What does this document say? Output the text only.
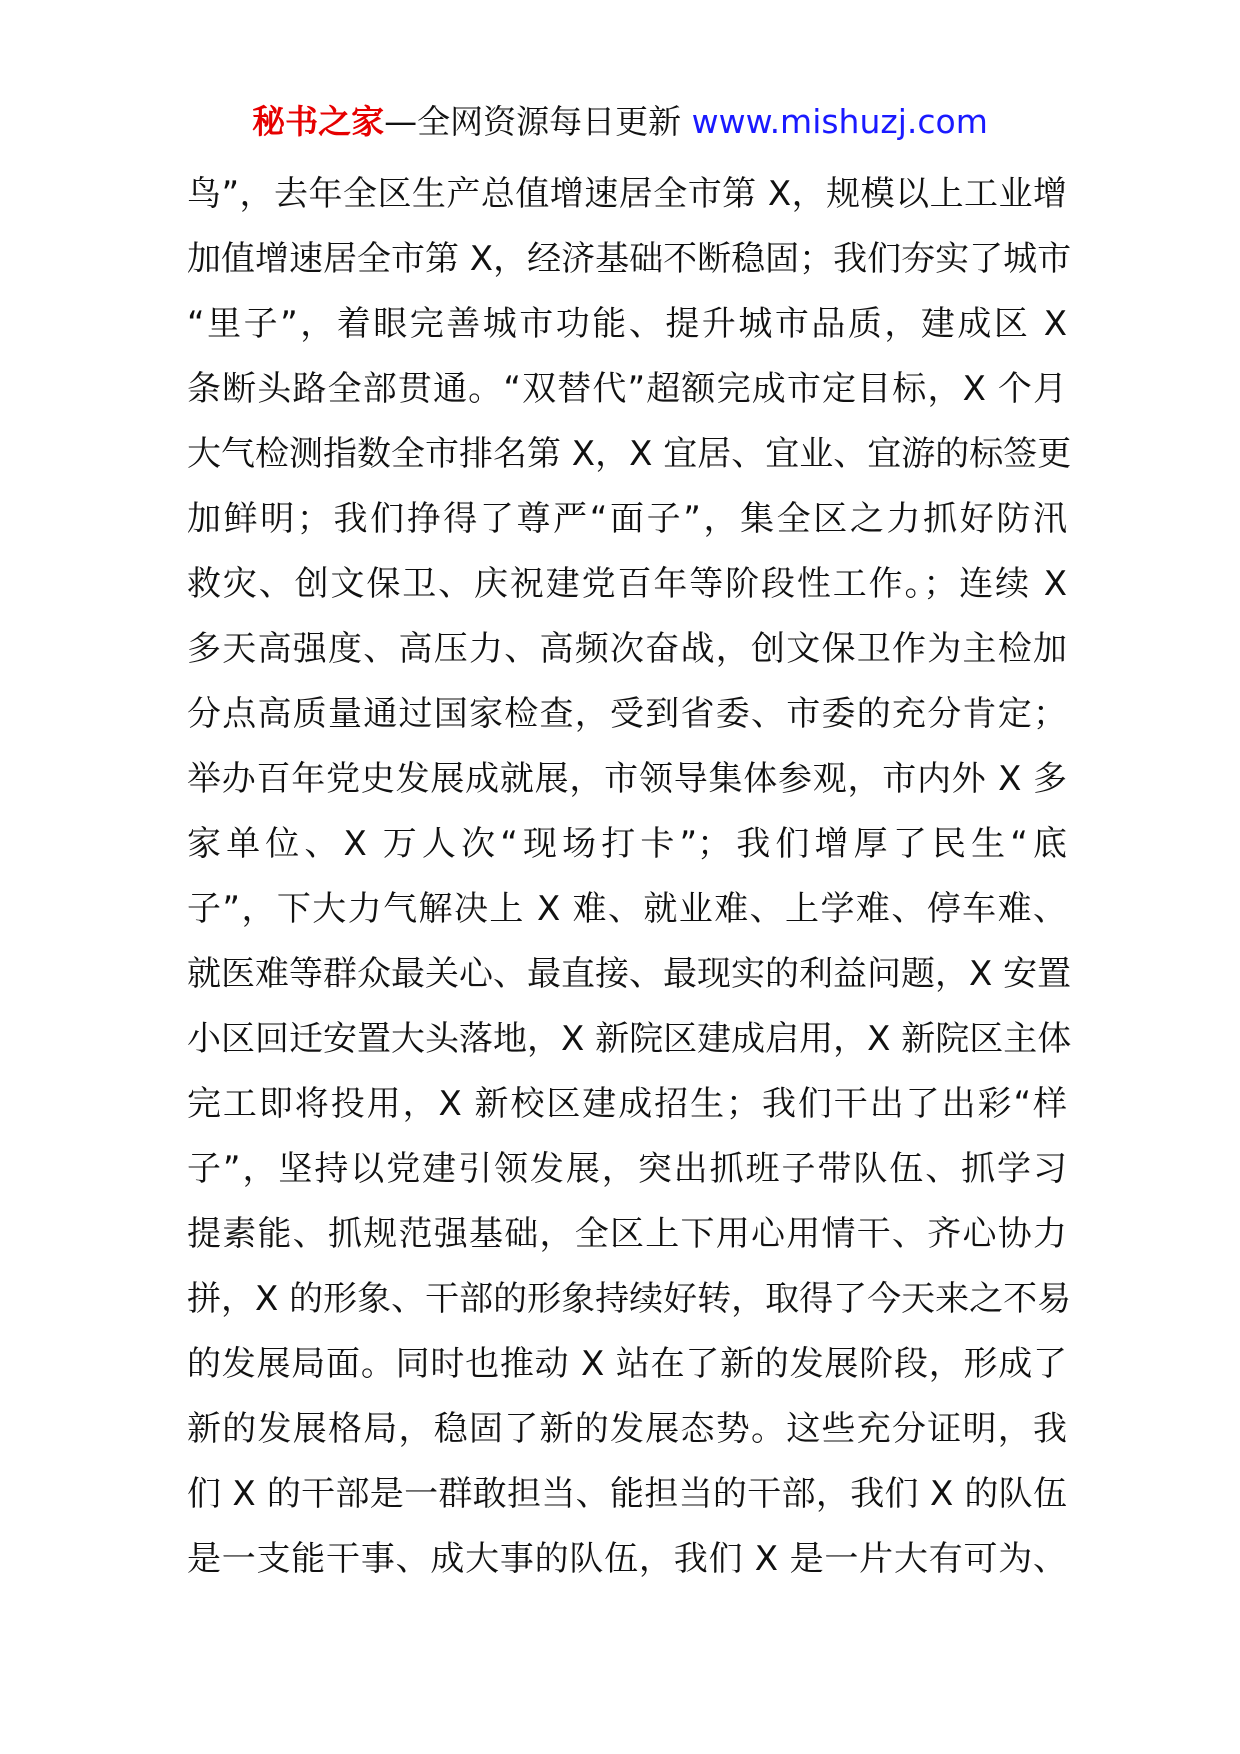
秘书之家—全网资源每日更新 www.mishuzj.com
鸟”，去年全区生产总值增速居全市第 X，规模以上工业增
加值增速居全市第 X，经济基础不断稳固；我们夯实了城市
“里子”，着眼完善城市功能、提升城市品质，建成区 X
条断头路全部贯通。“双替代”超额完成市定目标，X 个月
大气检测指数全市排名第 X，X 宜居、宜业、宜游的标签更
加鲜明；我们挣得了尊严“面子”，集全区之力抓好防汛
救灾、创文保卫、庆祝建党百年等阶段性工作。；连续 X
多天高强度、高压力、高频次奋战，创文保卫作为主检加
分点高质量通过国家检查，受到省委、市委的充分肯定；
举办百年党史发展成就展，市领导集体参观，市内外 X 多
家单位、X 万人次“现场打卡”；我们增厚了民生“底
子”，下大力气解决上 X 难、就业难、上学难、停车难、
就医难等群众最关心、最直接、最现实的利益问题，X 安置
小区回迁安置大头落地，X 新院区建成启用，X 新院区主体
完工即将投用，X 新校区建成招生；我们干出了出彩“样
子”，坚持以党建引领发展，突出抓班子带队伍、抓学习
提素能、抓规范强基础，全区上下用心用情干、齐心协力
拼，X 的形象、干部的形象持续好转，取得了今天来之不易
的发展局面。同时也推动 X 站在了新的发展阶段，形成了
新的发展格局，稳固了新的发展态势。这些充分证明，我
们 X 的干部是一群敢担当、能担当的干部，我们 X 的队伍
是一支能干事、成大事的队伍，我们 X 是一片大有可为、
